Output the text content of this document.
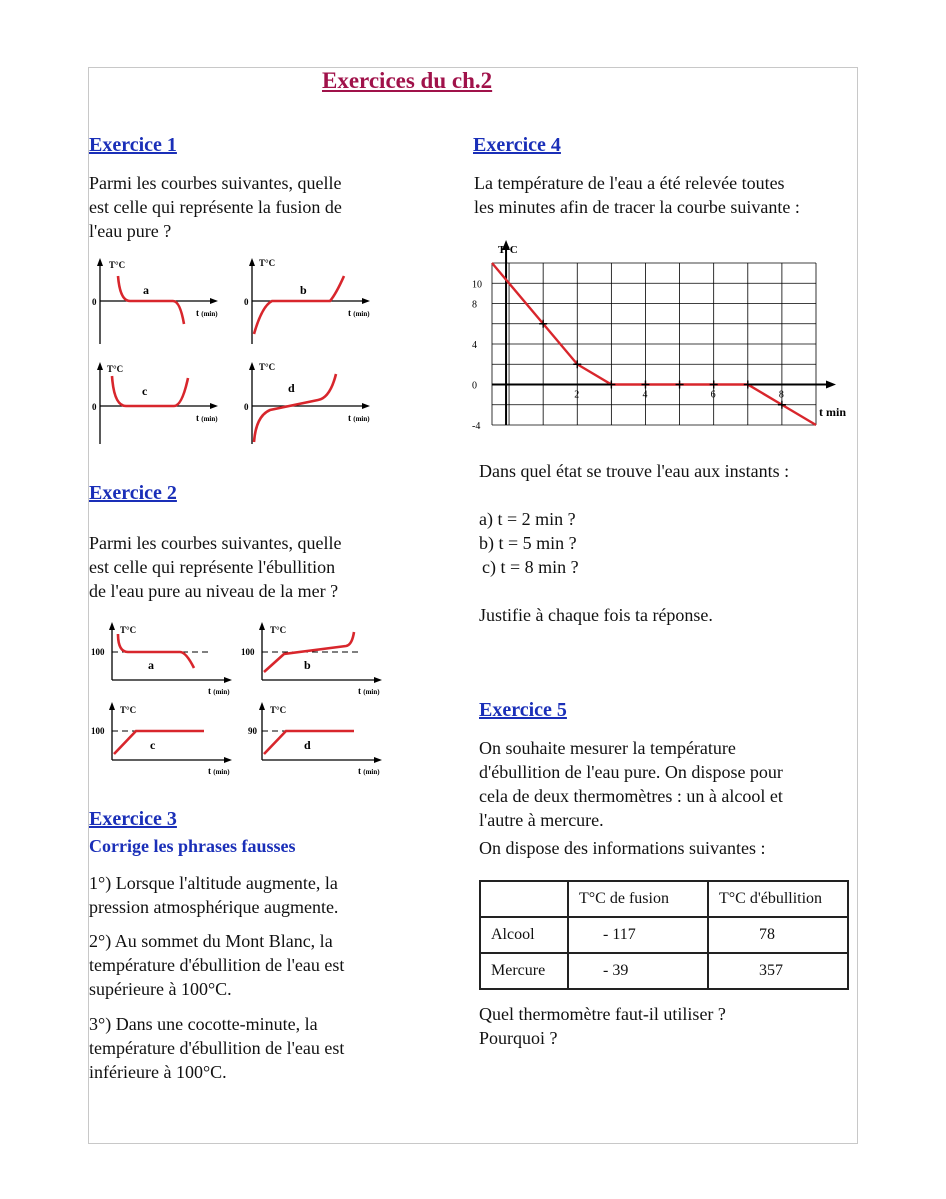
Exercices du ch.2
Exercice 1
Parmi les courbes suivantes, quelle
est celle qui représente la fusion de
l'eau pure ?
T°C
0
t (min)
a
T°C
0
t (min)
b
T°C
0
t (min)
c
T°C
0
t (min)
d
Exercice 2
Parmi les courbes suivantes, quelle
est celle qui représente l'ébullition
de l'eau pure au niveau de la mer ?
T°C
100
t (min)
a
T°C
100
t (min)
b
T°C
100
t (min)
c
T°C
90
t (min)
d
Exercice 3
Corrige les phrases fausses
1°) Lorsque l'altitude augmente, la
pression atmosphérique augmente.
2°) Au sommet du Mont Blanc, la
température d'ébullition de l'eau est
supérieure à 100°C.
3°) Dans une cocotte-minute, la
température d'ébullition de l'eau est
inférieure à 100°C.
Exercice 4
La température de l'eau a été relevée toutes
les minutes afin de tracer la courbe suivante :
T°C
t min
2	4	6	8
10
8
4
0
-4
Dans quel état se trouve l'eau aux instants :
a) t = 2 min ?
b) t = 5 min ?
c) t = 8 min ?
Justifie à chaque fois ta réponse.
Exercice 5
On souhaite mesurer la température
d'ébullition de l'eau pure. On dispose pour
cela de deux thermomètres : un à alcool et
l'autre à mercure.
On dispose des informations suivantes :
	T°C de fusion	T°C d'ébullition
Alcool	- 117	78
Mercure	- 39	357
Quel thermomètre faut-il utiliser ?
Pourquoi ?
